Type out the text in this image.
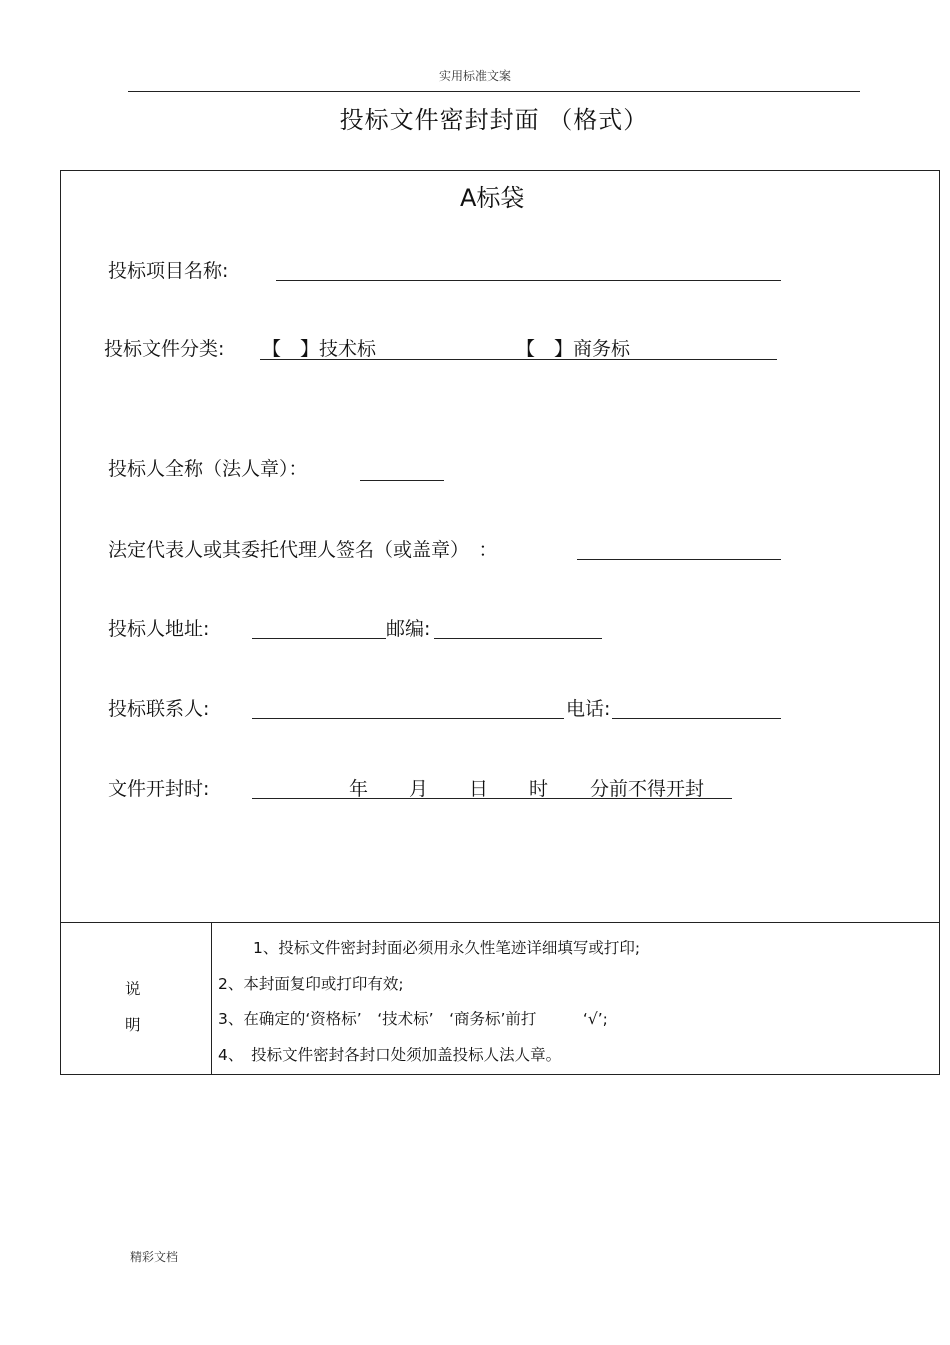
实用标准文案
投标文件密封封面 （格式）
A标袋
投标项目名称:
投标文件分类: 【　】技术标	【　】商务标
投标人全称（法人章）：
法定代表人或其委托代理人签名（或盖章）　：
投标人地址:	邮编:
投标联系人:	电话:
文件开封时:	年 月 日 时 分前不得开封
说
明
1、投标文件密封封面必须用永久性笔迹详细填写或打印;
2、本封面复印或打印有效;
3、在确定的‘资格标’　‘技术标’　‘商务标’前打　　　‘√’;
4、　投标文件密封各封口处须加盖投标人法人章。
精彩文档
